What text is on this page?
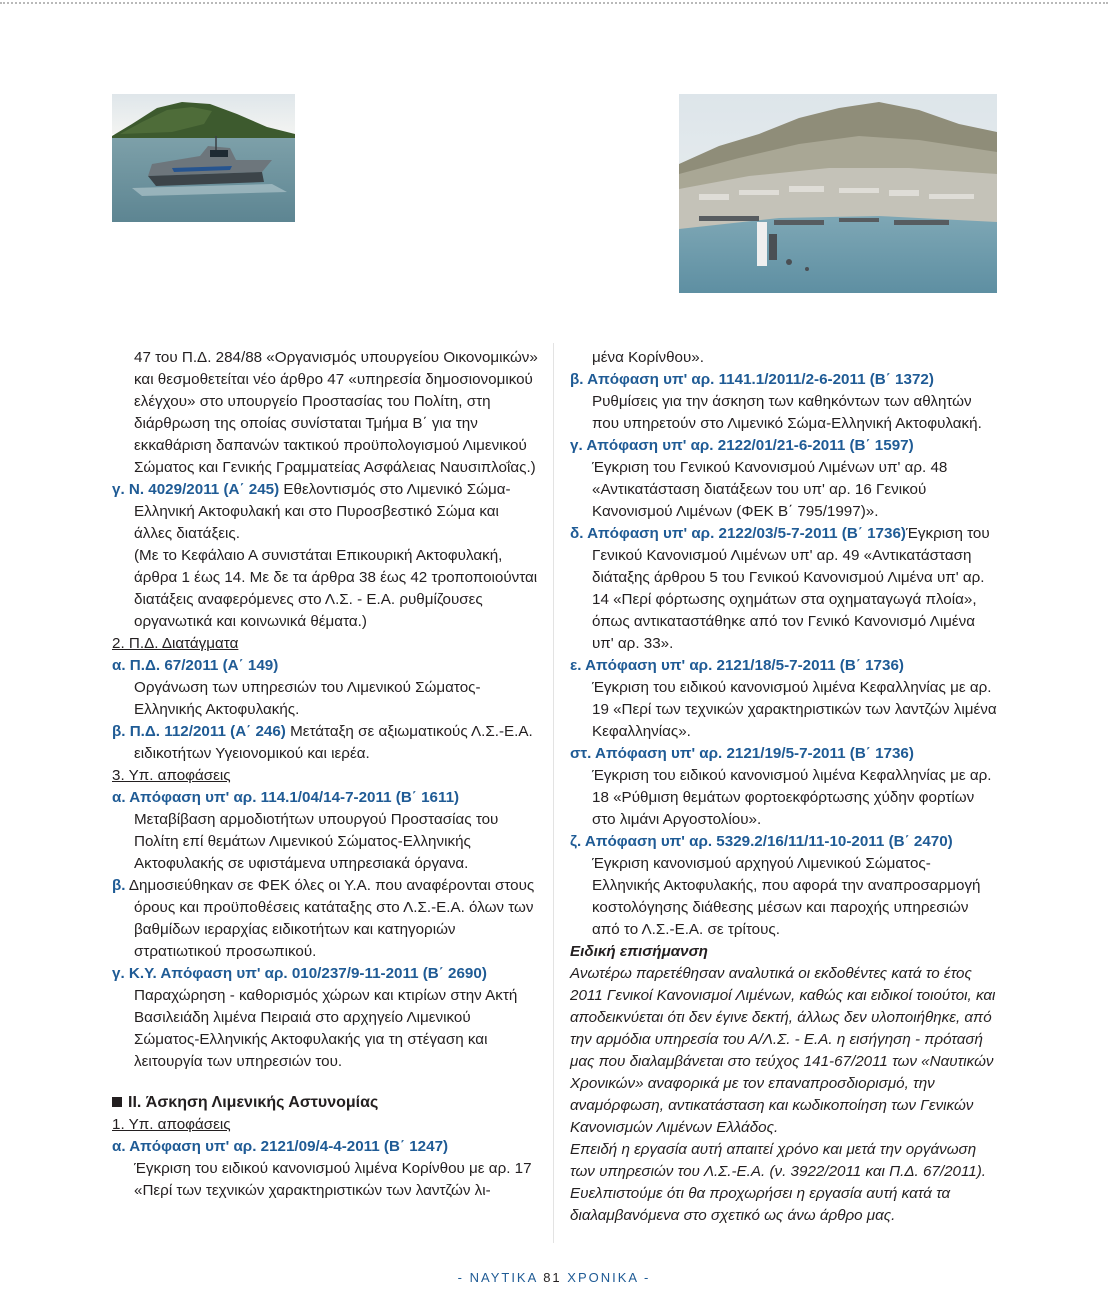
47 του Π.Δ. 284/88 «Οργανισμός υπουργείου Οικονομικών» και θεσμοθετείται νέο άρθρο 47 «υπηρεσία δημοσιονομικού ελέγχου» στο υπουργείο Προστασίας του Πολίτη, στη διάρθρωση της οποίας συνίσταται Τμήμα Β΄ για την εκκαθάριση δαπανών τακτικού προϋπολογισμού Λιμενικού Σώματος και Γενικής Γραμματείας Ασφάλειας Ναυσιπλοΐας.)

γ. Ν. 4029/2011 (Α΄ 245) Εθελοντισμός στο Λιμενικό Σώμα-Ελληνική Ακτοφυλακή και στο Πυροσβεστικό Σώμα και άλλες διατάξεις.

(Με το Κεφάλαιο Α συνιστάται Επικουρική Ακτοφυλακή, άρθρα 1 έως 14. Με δε τα άρθρα 38 έως 42 τροποποιούνται διατάξεις αναφερόμενες στο Λ.Σ. - Ε.Α. ρυθμίζουσες οργανωτικά και κοινωνικά θέματα.)

2. Π.Δ. Διατάγματα

α. Π.Δ. 67/2011 (Α΄ 149)

Οργάνωση των υπηρεσιών του Λιμενικού Σώματος-Ελληνικής Ακτοφυλακής.

β. Π.Δ. 112/2011 (Α΄ 246) Μετάταξη σε αξιωματικούς Λ.Σ.-Ε.Α. ειδικοτήτων Υγειονομικού και ιερέα.

3. Υπ. αποφάσεις

α. Απόφαση υπ' αρ. 114.1/04/14-7-2011 (Β΄ 1611)

Μεταβίβαση αρμοδιοτήτων υπουργού Προστασίας του Πολίτη επί θεμάτων Λιμενικού Σώματος-Ελληνικής Ακτοφυλακής σε υφιστάμενα υπηρεσιακά όργανα.

β. Δημοσιεύθηκαν σε ΦΕΚ όλες οι Υ.Α. που αναφέρονται στους όρους και προϋποθέσεις κατάταξης στο Λ.Σ.-Ε.Α. όλων των βαθμίδων ιεραρχίας ειδικοτήτων και κατηγοριών στρατιωτικού προσωπικού.

γ. Κ.Υ. Απόφαση υπ' αρ. 010/237/9-11-2011 (Β΄ 2690)

Παραχώρηση - καθορισμός χώρων και κτιρίων στην Ακτή Βασιλειάδη λιμένα Πειραιά στο αρχηγείο Λιμενικού Σώματος-Ελληνικής Ακτοφυλακής για τη στέγαση και λειτουργία των υπηρεσιών του.

II. Άσκηση Λιμενικής Αστυνομίας

1. Υπ. αποφάσεις

α. Απόφαση υπ' αρ. 2121/09/4-4-2011 (Β΄ 1247)

Έγκριση του ειδικού κανονισμού λιμένα Κορίνθου με αρ. 17 «Περί των τεχνικών χαρακτηριστικών των λαντζών λι-

μένα Κορίνθου».

β. Απόφαση υπ' αρ. 1141.1/2011/2-6-2011 (Β΄ 1372)

Ρυθμίσεις για την άσκηση των καθηκόντων των αθλητών που υπηρετούν στο Λιμενικό Σώμα-Ελληνική Ακτοφυλακή.

γ. Απόφαση υπ' αρ. 2122/01/21-6-2011 (Β΄ 1597)

Έγκριση του Γενικού Κανονισμού Λιμένων υπ' αρ. 48 «Αντικατάσταση διατάξεων του υπ' αρ. 16 Γενικού Κανονισμού Λιμένων (ΦΕΚ Β΄ 795/1997)».

δ. Απόφαση υπ' αρ. 2122/03/5-7-2011 (Β΄ 1736)Έγκριση του Γενικού Κανονισμού Λιμένων υπ' αρ. 49 «Αντικατάσταση διάταξης άρθρου 5 του Γενικού Κανονισμού Λιμένα υπ' αρ. 14 «Περί φόρτωσης οχημάτων στα οχηματαγωγά πλοία», όπως αντικαταστάθηκε από τον Γενικό Κανονισμό Λιμένα υπ' αρ. 33».

ε. Απόφαση υπ' αρ. 2121/18/5-7-2011 (Β΄ 1736)

Έγκριση του ειδικού κανονισμού λιμένα Κεφαλληνίας με αρ. 19 «Περί των τεχνικών χαρακτηριστικών των λαντζών λιμένα Κεφαλληνίας».

στ. Απόφαση υπ' αρ. 2121/19/5-7-2011 (Β΄ 1736)

Έγκριση του ειδικού κανονισμού λιμένα Κεφαλληνίας με αρ. 18 «Ρύθμιση θεμάτων φορτοεκφόρτωσης χύδην φορτίων στο λιμάνι Αργοστολίου».

ζ. Απόφαση υπ' αρ. 5329.2/16/11/11-10-2011 (Β΄ 2470)

Έγκριση κανονισμού αρχηγού Λιμενικού Σώματος-Ελληνικής Ακτοφυλακής, που αφορά την αναπροσαρμογή κοστολόγησης διάθεσης μέσων και παροχής υπηρεσιών από το Λ.Σ.-Ε.Α. σε τρίτους.

Ειδική επισήμανση

Ανωτέρω παρετέθησαν αναλυτικά οι εκδοθέντες κατά το έτος 2011 Γενικοί Κανονισμοί Λιμένων, καθώς και ειδικοί τοιούτοι, και αποδεικνύεται ότι δεν έγινε δεκτή, άλλως δεν υλοποιήθηκε, από την αρμόδια υπηρεσία του Α/Λ.Σ. - Ε.Α. η εισήγηση - πρότασή μας που διαλαμβάνεται στο τεύχος 141-67/2011 των «Ναυτικών Χρονικών» αναφορικά με τον επαναπροσδιορισμό, την αναμόρφωση, αντικατάσταση και κωδικοποίηση των Γενικών Κανονισμών Λιμένων Ελλάδος.

Επειδή η εργασία αυτή απαιτεί χρόνο και μετά την οργάνωση των υπηρεσιών του Λ.Σ.-Ε.Α. (ν. 3922/2011 και Π.Δ. 67/2011). Ευελπιστούμε ότι θα προχωρήσει η εργασία αυτή κατά τα διαλαμβανόμενα στο σχετικό ως άνω άρθρο μας.

- ΝΑΥΤΙΚΑ 81 ΧΡΟΝΙΚΑ -
